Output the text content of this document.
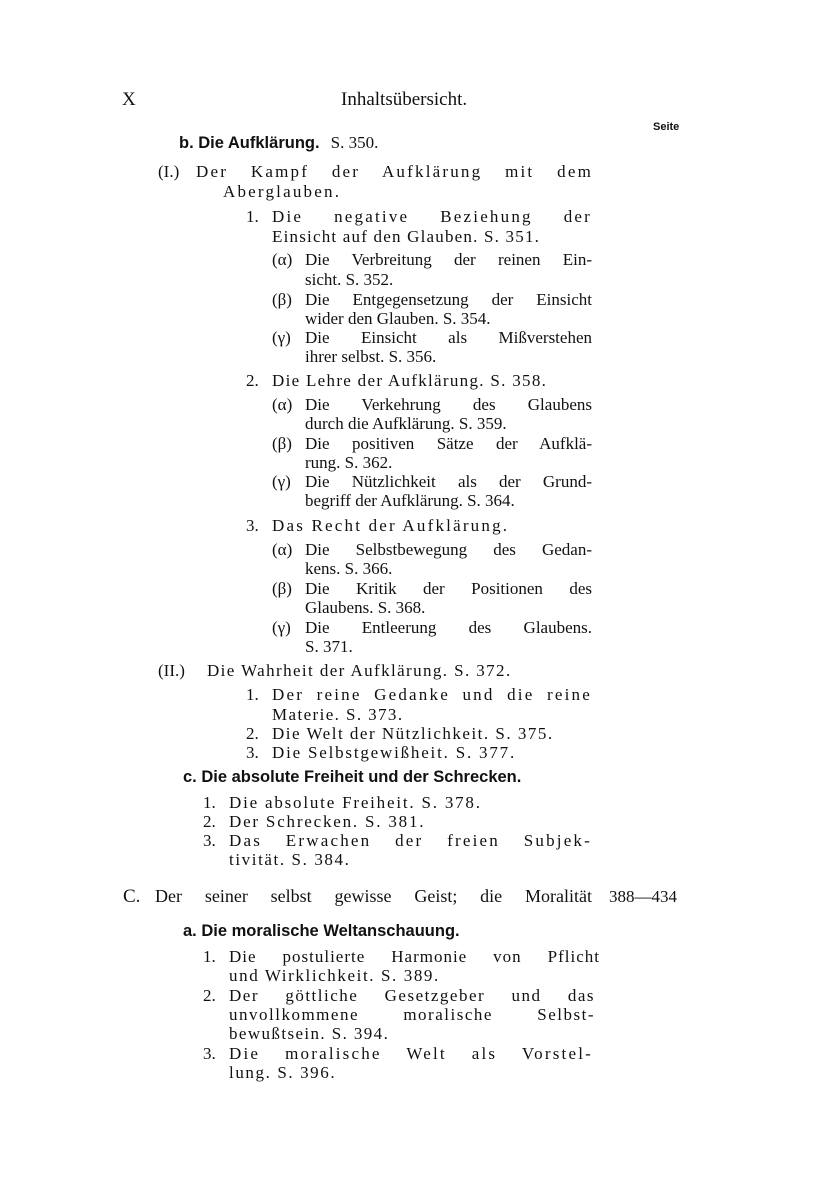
X	Inhaltsübersicht.
Seite
b. Die Aufklärung. S. 350.
(I.) Der Kampf der Aufklärung mit dem
Aberglauben.
1. Die negative Beziehung der
Einsicht auf den Glauben. S. 351.
(α) Die Verbreitung der reinen Ein-
sicht. S. 352.
(β) Die Entgegensetzung der Einsicht
wider den Glauben. S. 354.
(γ) Die Einsicht als Mißverstehen
ihrer selbst. S. 356.
2. Die Lehre der Aufklärung. S. 358.
(α) Die Verkehrung des Glaubens
durch die Aufklärung. S. 359.
(β) Die positiven Sätze der Aufklä-
rung. S. 362.
(γ) Die Nützlichkeit als der Grund-
begriff der Aufklärung. S. 364.
3. Das Recht der Aufklärung.
(α) Die Selbstbewegung des Gedan-
kens. S. 366.
(β) Die Kritik der Positionen des
Glaubens. S. 368.
(γ) Die Entleerung des Glaubens.
S. 371.
(II.) Die Wahrheit der Aufklärung. S. 372.
1. Der reine Gedanke und die reine
Materie. S. 373.
2. Die Welt der Nützlichkeit. S. 375.
3. Die Selbstgewißheit. S. 377.
c. Die absolute Freiheit und der Schrecken.
1. Die absolute Freiheit. S. 378.
2. Der Schrecken. S. 381.
3. Das Erwachen der freien Subjek-
tivität. S. 384.
C. Der seiner selbst gewisse Geist; die Moralität 388—434
a. Die moralische Weltanschauung.
1. Die postulierte Harmonie von Pflicht
und Wirklichkeit. S. 389.
2. Der göttliche Gesetzgeber und das
unvollkommene moralische Selbst-
bewußtsein. S. 394.
3. Die moralische Welt als Vorstel-
lung. S. 396.
